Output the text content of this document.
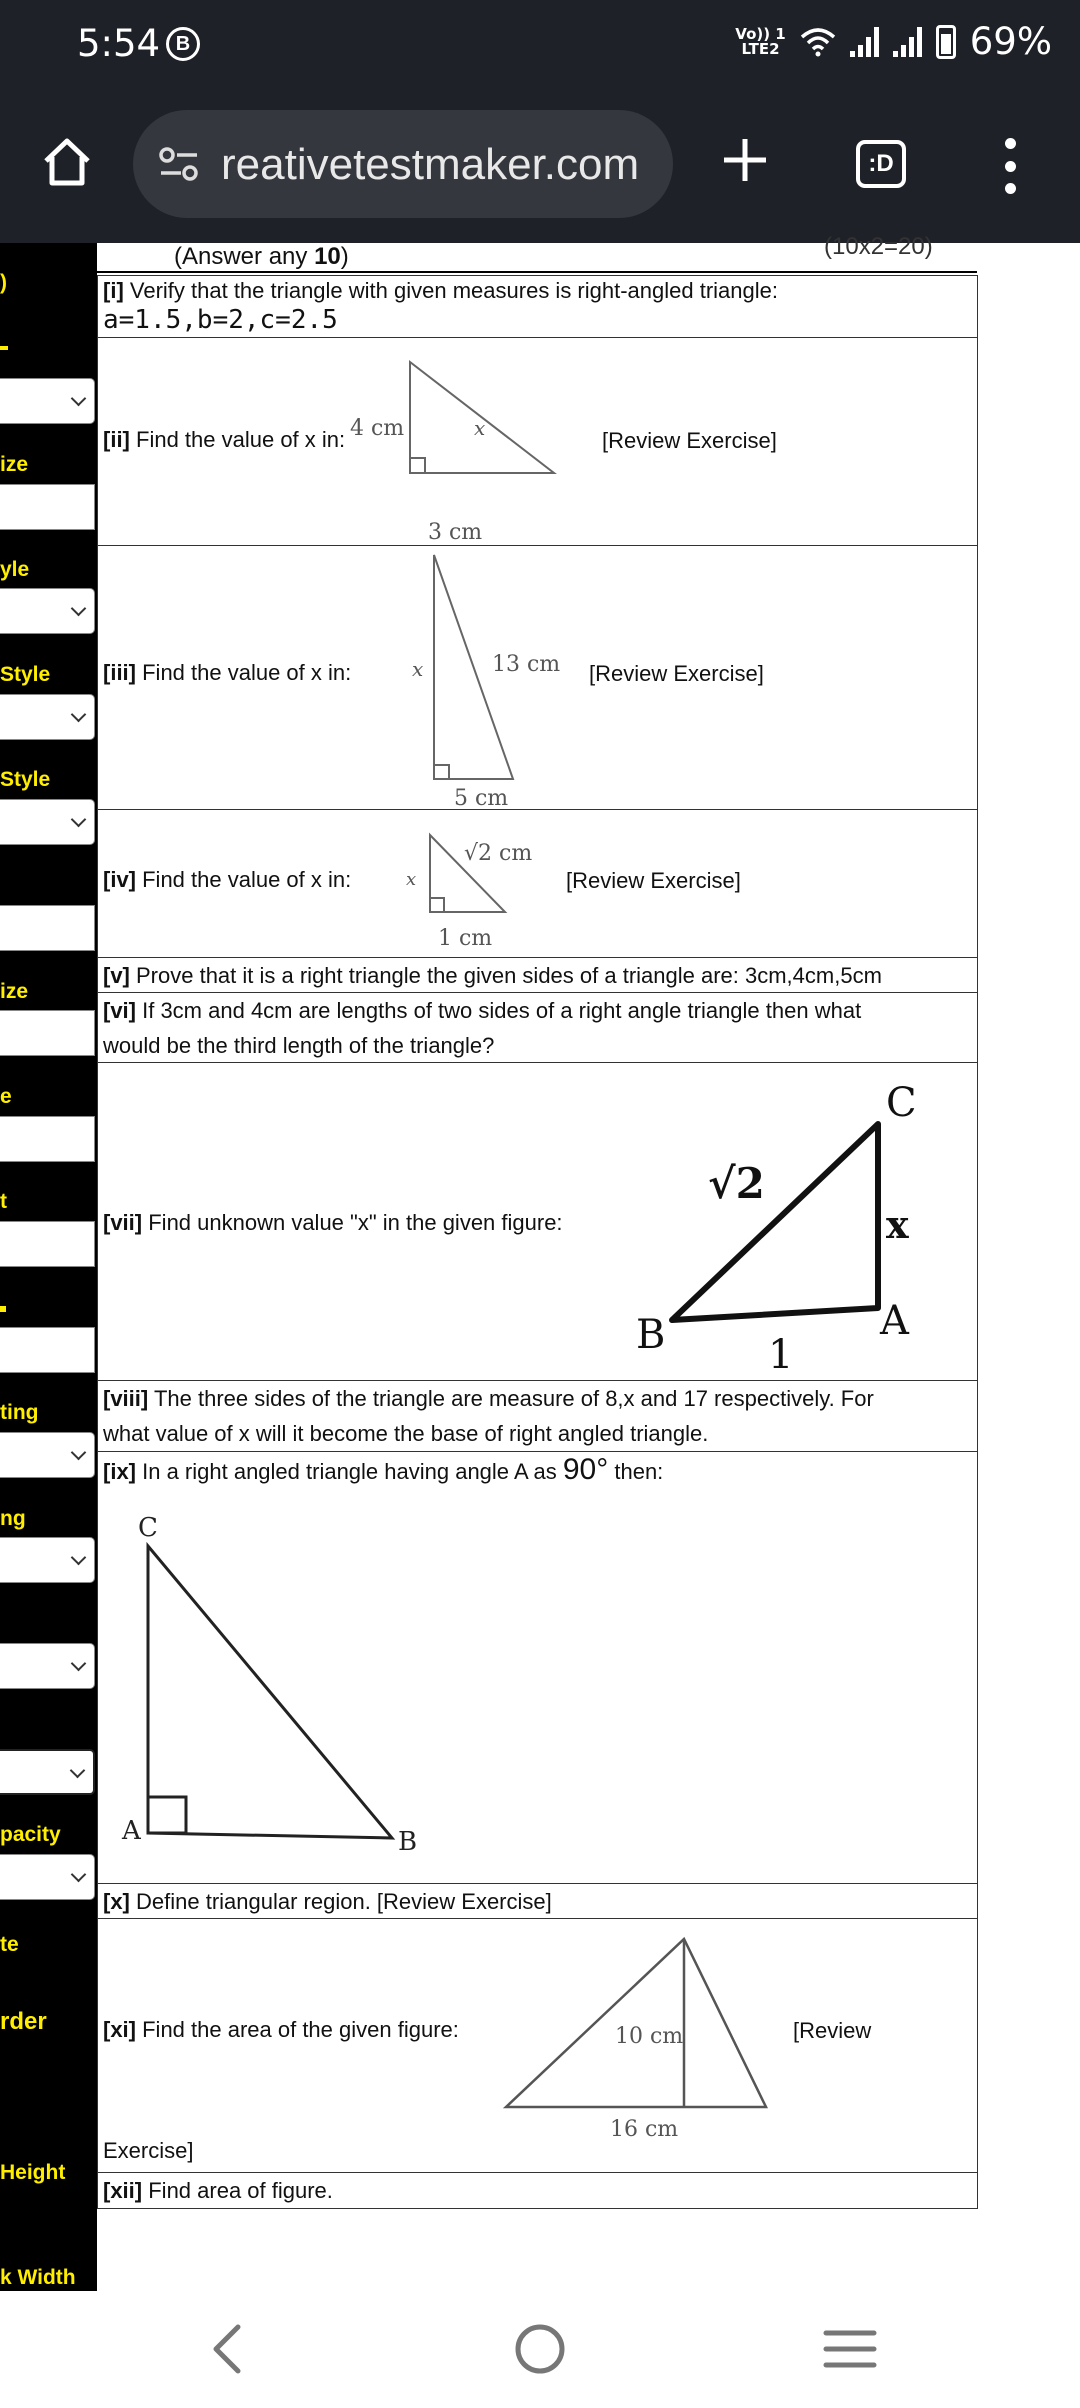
5:54 B	Vo)) 1
LTE2	69%
reativetestmaker.com	:D
)
ize
yle
Style
Style
ize
e
t
ting
ng
pacity
te
rder
Height
k Width
(Answer any 10)	(10x2=20)
[i] Verify that the triangle with given measures is right-angled triangle:
a=1.5,b=2,c=2.5
[ii] Find the value of x in:	[Review Exercise]
4 cm	x
3 cm
[iii] Find the value of x in:	[Review Exercise]
x	13 cm
5 cm
[iv] Find the value of x in:	[Review Exercise]
x
√2 cm
1 cm
[v] Prove that it is a right triangle the given sides of a triangle are: 3cm,4cm,5cm
[vi] If 3cm and 4cm are lengths of two sides of a right angle triangle then what
would be the third length of the triangle?
[vii] Find unknown value "x" in the given figure:
C
B	A
√2
x
1
[viii] The three sides of the triangle are measure of 8,x and 17 respectively. For
what value of x will it become the base of right angled triangle.
[ix] In a right angled triangle having angle A as 90° then:
C
A	B
[x] Define triangular region. [Review Exercise]
[xi] Find the area of the given figure:	[Review
Exercise]
10 cm
16 cm
[xii] Find area of figure.
